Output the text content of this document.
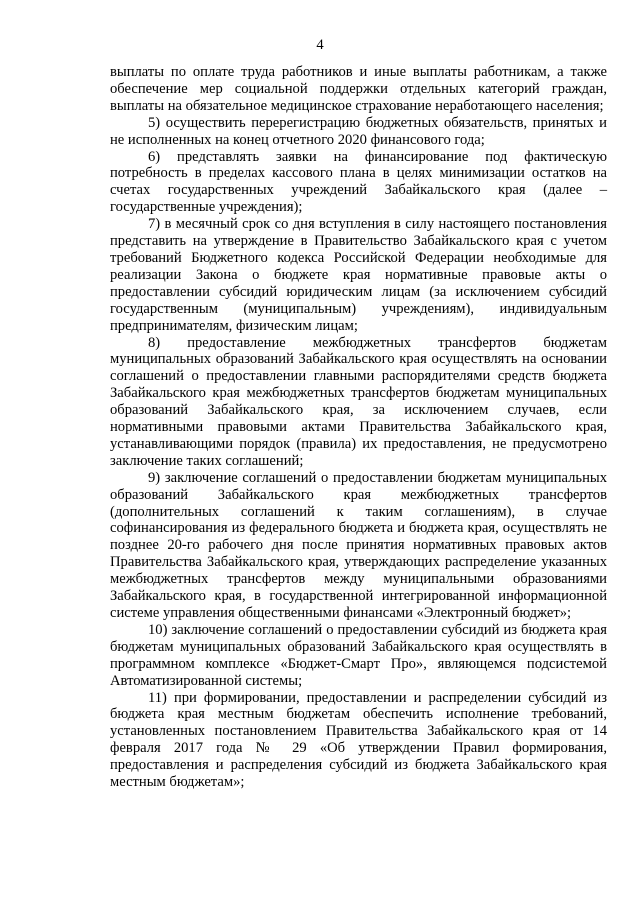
4

выплаты по оплате труда работников и иные выплаты работникам, а также обеспечение мер социальной поддержки отдельных категорий граждан, выплаты на обязательное медицинское страхование неработающего населения;

5) осуществить перерегистрацию бюджетных обязательств, принятых и не исполненных на конец отчетного 2020 финансового года;

6) представлять заявки на финансирование под фактическую потребность в пределах кассового плана в целях минимизации остатков на счетах государственных учреждений Забайкальского края (далее – государственные учреждения);

7) в месячный срок со дня вступления в силу настоящего постановления представить на утверждение в Правительство Забайкальского края с учетом требований Бюджетного кодекса Российской Федерации необходимые для реализации Закона о бюджете края нормативные правовые акты о предоставлении субсидий юридическим лицам (за исключением субсидий государственным (муниципальным) учреждениям), индивидуальным предпринимателям, физическим лицам;

8) предоставление межбюджетных трансфертов бюджетам муниципальных образований Забайкальского края осуществлять на основании соглашений о предоставлении главными распорядителями средств бюджета Забайкальского края межбюджетных трансфертов бюджетам муниципальных образований Забайкальского края, за исключением случаев, если нормативными правовыми актами Правительства Забайкальского края, устанавливающими порядок (правила) их предоставления, не предусмотрено заключение таких соглашений;

9) заключение соглашений о предоставлении бюджетам муниципальных образований Забайкальского края межбюджетных трансфертов (дополнительных соглашений к таким соглашениям), в случае софинансирования из федерального бюджета и бюджета края, осуществлять не позднее 20-го рабочего дня после принятия нормативных правовых актов Правительства Забайкальского края, утверждающих распределение указанных межбюджетных трансфертов между муниципальными образованиями Забайкальского края, в государственной интегрированной информационной системе управления общественными финансами «Электронный бюджет»;

10) заключение соглашений о предоставлении субсидий из бюджета края бюджетам муниципальных образований Забайкальского края осуществлять в программном комплексе «Бюджет-Смарт Про», являющемся подсистемой Автоматизированной системы;

11) при формировании, предоставлении и распределении субсидий из бюджета края местным бюджетам обеспечить исполнение требований, установленных постановлением Правительства Забайкальского края от 14 февраля 2017 года № 29 «Об утверждении Правил формирования, предоставления и распределения субсидий из бюджета Забайкальского края местным бюджетам»;
